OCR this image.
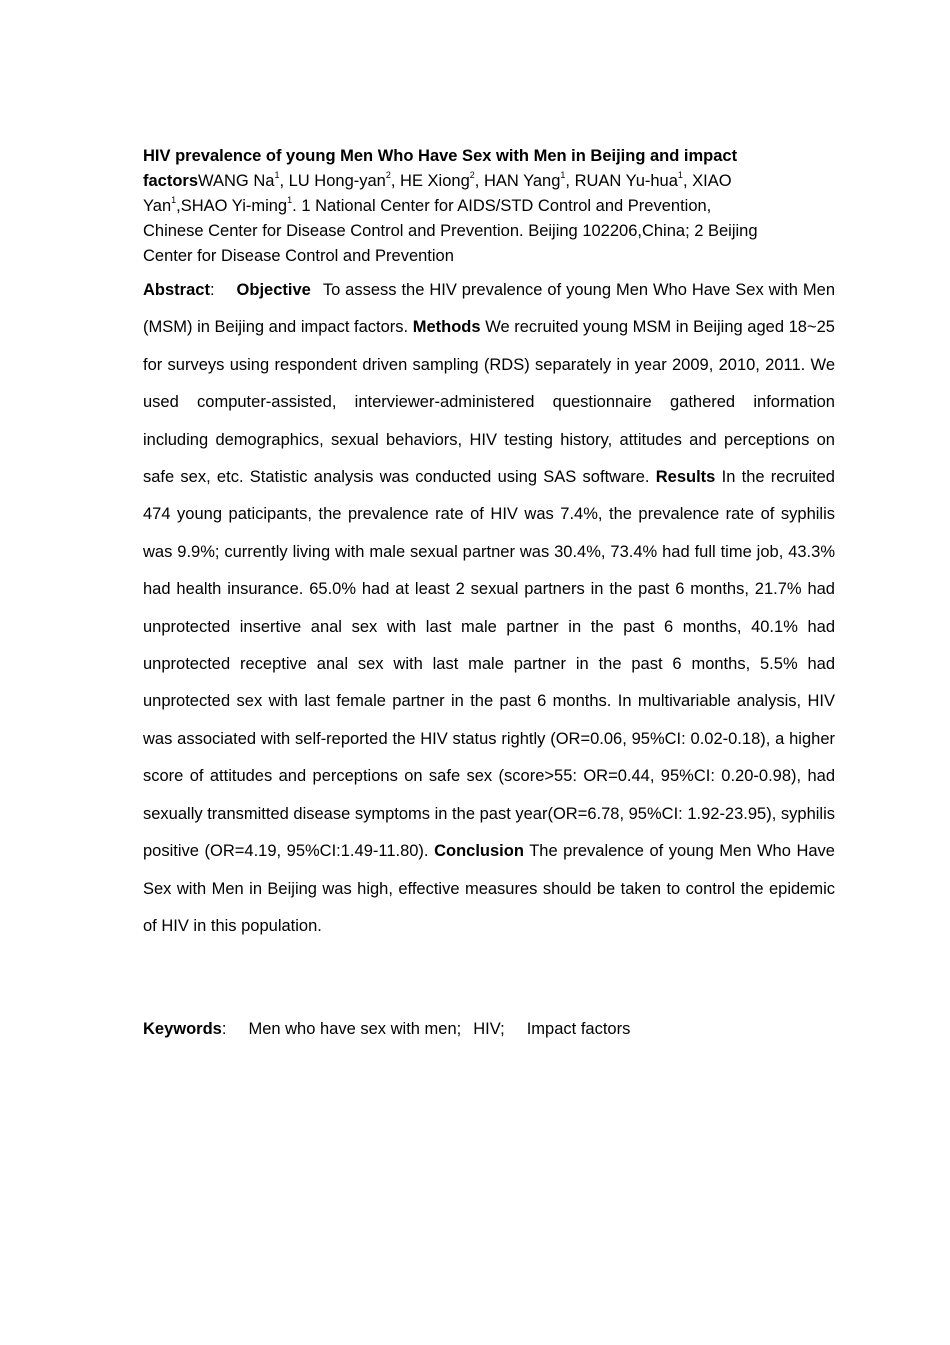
HIV prevalence of young Men Who Have Sex with Men in Beijing and impact
factorsWANG Na$^1$, LU Hong-yan$^2$, HE Xiong$^2$, HAN Yang$^1$, RUAN Yu-hua$^1$, XIAO
Yan$^1$,SHAO Yi-ming$^1$. 1 National Center for AIDS/STD Control and Prevention,
Chinese Center for Disease Control and Prevention. Beijing 102206,China; 2 Beijing
Center for Disease Control and Prevention
Abstract: Objective To assess the HIV prevalence of young Men Who Have Sex with Men (MSM) in Beijing and impact factors. Methods We recruited young MSM in Beijing aged 18~25 for surveys using respondent driven sampling (RDS) separately in year 2009, 2010, 2011. We used computer-assisted, interviewer-administered questionnaire gathered information including demographics, sexual behaviors, HIV testing history, attitudes and perceptions on safe sex, etc. Statistic analysis was conducted using SAS software. Results In the recruited 474 young paticipants, the prevalence rate of HIV was 7.4%, the prevalence rate of syphilis was 9.9%; currently living with male sexual partner was 30.4%, 73.4% had full time job, 43.3% had health insurance. 65.0% had at least 2 sexual partners in the past 6 months, 21.7% had unprotected insertive anal sex with last male partner in the past 6 months, 40.1% had unprotected receptive anal sex with last male partner in the past 6 months, 5.5% had unprotected sex with last female partner in the past 6 months. In multivariable analysis, HIV was associated with self-reported the HIV status rightly (OR=0.06, 95%CI: 0.02-0.18), a higher score of attitudes and perceptions on safe sex (score>55: OR=0.44, 95%CI: 0.20-0.98), had sexually transmitted disease symptoms in the past year(OR=6.78, 95%CI: 1.92-23.95), syphilis positive (OR=4.19, 95%CI:1.49-11.80). Conclusion The prevalence of young Men Who Have Sex with Men in Beijing was high, effective measures should be taken to control the epidemic of HIV in this population.
Keywords: Men who have sex with men; HIV; Impact factors
